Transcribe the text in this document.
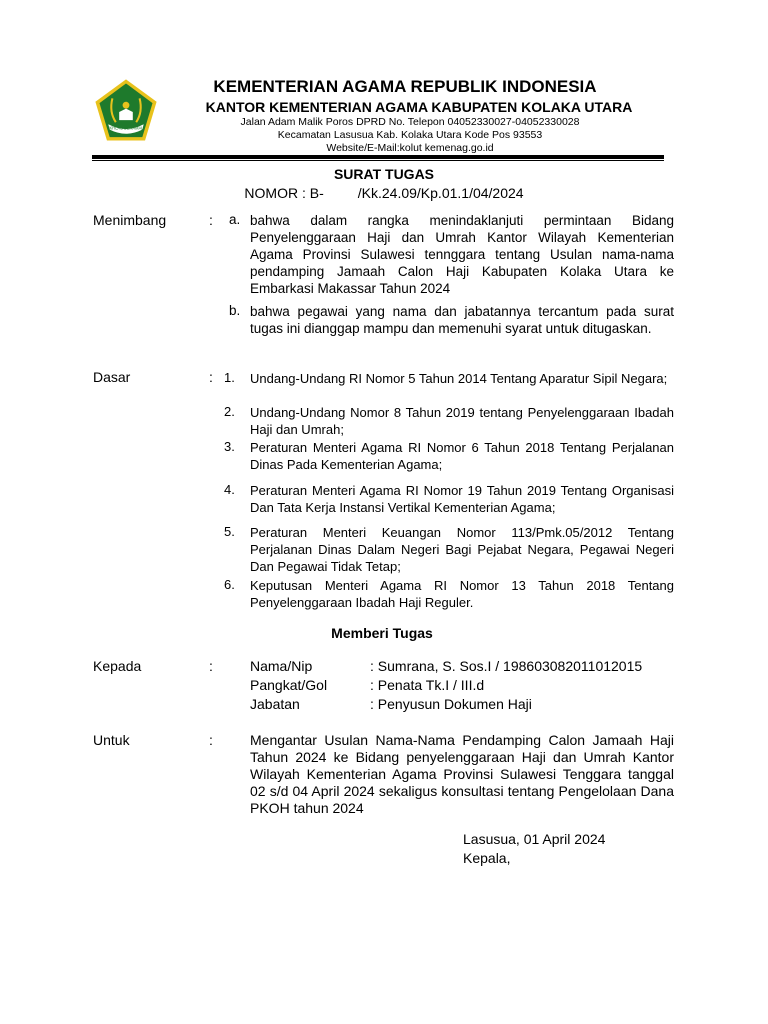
IKHLAS BERAMAL
KEMENTERIAN AGAMA REPUBLIK INDONESIA
KANTOR KEMENTERIAN AGAMA KABUPATEN KOLAKA UTARA
Jalan Adam Malik Poros DPRD No. Telepon 04052330027-04052330028
Kecamatan Lasusua Kab. Kolaka Utara Kode Pos 93553
Website/E-Mail:kolut kemenag.go.id
SURAT TUGAS
NOMOR : B- /Kk.24.09/Kp.01.1/04/2024
Menimbang	: a. bahwa dalam rangka menindaklanjuti permintaan Bidang Penyelenggaraan Haji dan Umrah Kantor Wilayah Kementerian Agama Provinsi Sulawesi tennggara tentang Usulan nama-nama pendamping Jamaah Calon Haji Kabupaten Kolaka Utara ke Embarkasi Makassar Tahun 2024
b. bahwa pegawai yang nama dan jabatannya tercantum pada surat tugas ini dianggap mampu dan memenuhi syarat untuk ditugaskan.
Dasar	: 1. Undang-Undang RI Nomor 5 Tahun 2014 Tentang Aparatur Sipil Negara;
2. Undang-Undang Nomor 8 Tahun 2019 tentang Penyelenggaraan Ibadah Haji dan Umrah;
3. Peraturan Menteri Agama RI Nomor 6 Tahun 2018 Tentang Perjalanan Dinas Pada Kementerian Agama;
4. Peraturan Menteri Agama RI Nomor 19 Tahun 2019 Tentang Organisasi   Dan Tata Kerja Instansi Vertikal Kementerian Agama;
5. Peraturan Menteri Keuangan Nomor 113/Pmk.05/2012 Tentang Perjalanan Dinas Dalam Negeri Bagi Pejabat Negara, Pegawai Negeri Dan Pegawai Tidak Tetap;
6. Keputusan Menteri Agama RI Nomor 13 Tahun 2018 Tentang Penyelenggaraan Ibadah Haji Reguler.
Memberi Tugas
Kepada	:	Nama/Nip	: Sumrana, S. Sos.I / 198603082011012015
Pangkat/Gol	: Penata Tk.I / III.d
Jabatan	: Penyusun Dokumen Haji
Untuk	:	Mengantar Usulan Nama-Nama Pendamping Calon Jamaah Haji Tahun 2024 ke Bidang penyelenggaraan Haji dan Umrah Kantor Wilayah Kementerian Agama Provinsi Sulawesi Tenggara tanggal 02 s/d 04 April 2024 sekaligus konsultasi tentang Pengelolaan Dana PKOH tahun 2024
Lasusua, 01 April 2024
Kepala,
